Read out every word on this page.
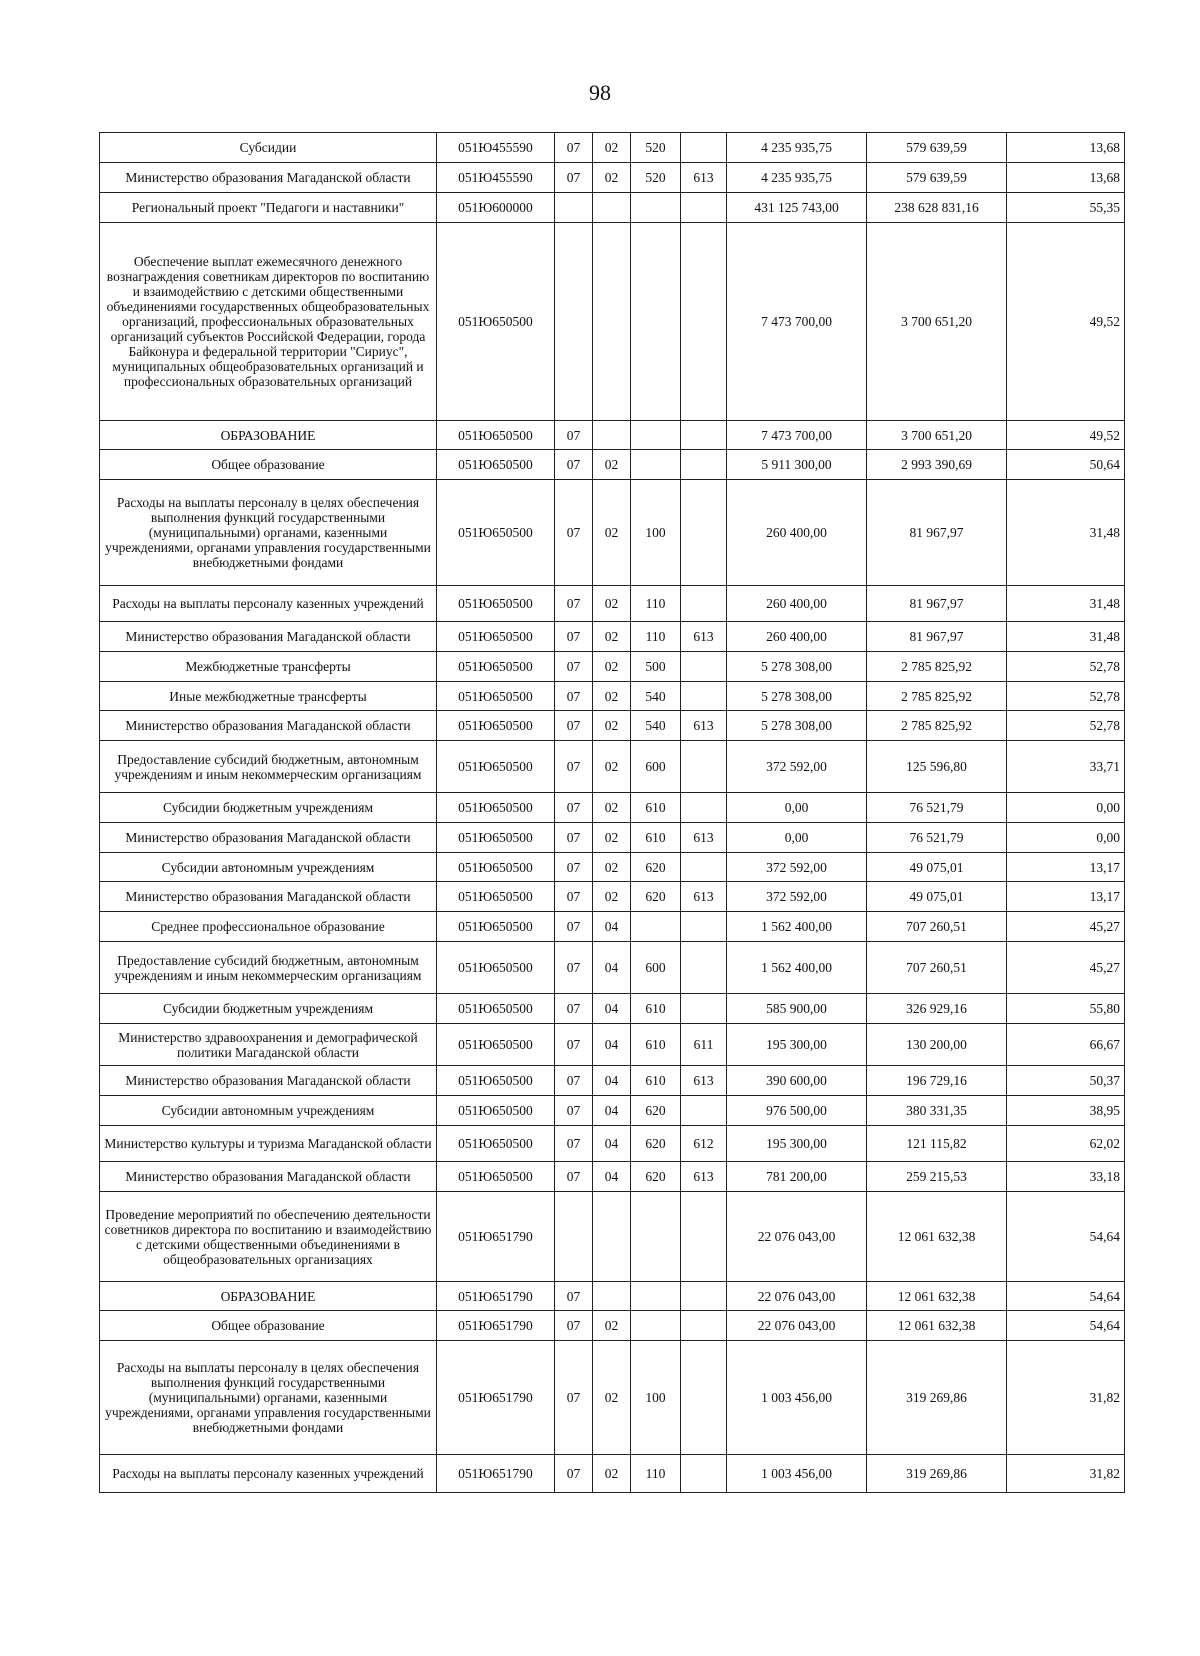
98
Субсидии	051Ю455590	07	02	520		4 235 935,75	579 639,59	13,68
Министерство образования Магаданской области	051Ю455590	07	02	520	613	4 235 935,75	579 639,59	13,68
Региональный проект "Педагоги и наставники"	051Ю600000					431 125 743,00	238 628 831,16	55,35
Обеспечение выплат ежемесячного денежного вознаграждения советникам директоров по воспитанию и взаимодействию с детскими общественными объединениями государственных общеобразовательных организаций, профессиональных образовательных организаций субъектов Российской Федерации, города Байконура и федеральной территории "Сириус", муниципальных общеобразовательных организаций и профессиональных образовательных организаций	051Ю650500					7 473 700,00	3 700 651,20	49,52
ОБРАЗОВАНИЕ	051Ю650500	07				7 473 700,00	3 700 651,20	49,52
Общее образование	051Ю650500	07	02			5 911 300,00	2 993 390,69	50,64
Расходы на выплаты персоналу в целях обеспечения выполнения функций государственными (муниципальными) органами, казенными учреждениями, органами управления государственными внебюджетными фондами	051Ю650500	07	02	100		260 400,00	81 967,97	31,48
Расходы на выплаты персоналу казенных учреждений	051Ю650500	07	02	110		260 400,00	81 967,97	31,48
Министерство образования Магаданской области	051Ю650500	07	02	110	613	260 400,00	81 967,97	31,48
Межбюджетные трансферты	051Ю650500	07	02	500		5 278 308,00	2 785 825,92	52,78
Иные межбюджетные трансферты	051Ю650500	07	02	540		5 278 308,00	2 785 825,92	52,78
Министерство образования Магаданской области	051Ю650500	07	02	540	613	5 278 308,00	2 785 825,92	52,78
Предоставление субсидий бюджетным, автономным учреждениям и иным некоммерческим организациям	051Ю650500	07	02	600		372 592,00	125 596,80	33,71
Субсидии бюджетным учреждениям	051Ю650500	07	02	610		0,00	76 521,79	0,00
Министерство образования Магаданской области	051Ю650500	07	02	610	613	0,00	76 521,79	0,00
Субсидии автономным учреждениям	051Ю650500	07	02	620		372 592,00	49 075,01	13,17
Министерство образования Магаданской области	051Ю650500	07	02	620	613	372 592,00	49 075,01	13,17
Среднее профессиональное образование	051Ю650500	07	04			1 562 400,00	707 260,51	45,27
Предоставление субсидий бюджетным, автономным учреждениям и иным некоммерческим организациям	051Ю650500	07	04	600		1 562 400,00	707 260,51	45,27
Субсидии бюджетным учреждениям	051Ю650500	07	04	610		585 900,00	326 929,16	55,80
Министерство здравоохранения и демографической политики Магаданской области	051Ю650500	07	04	610	611	195 300,00	130 200,00	66,67
Министерство образования Магаданской области	051Ю650500	07	04	610	613	390 600,00	196 729,16	50,37
Субсидии автономным учреждениям	051Ю650500	07	04	620		976 500,00	380 331,35	38,95
Министерство культуры и туризма Магаданской области	051Ю650500	07	04	620	612	195 300,00	121 115,82	62,02
Министерство образования Магаданской области	051Ю650500	07	04	620	613	781 200,00	259 215,53	33,18
Проведение мероприятий по обеспечению деятельности советников директора по воспитанию и взаимодействию с детскими общественными объединениями в общеобразовательных организациях	051Ю651790					22 076 043,00	12 061 632,38	54,64
ОБРАЗОВАНИЕ	051Ю651790	07				22 076 043,00	12 061 632,38	54,64
Общее образование	051Ю651790	07	02			22 076 043,00	12 061 632,38	54,64
Расходы на выплаты персоналу в целях обеспечения выполнения функций государственными (муниципальными) органами, казенными учреждениями, органами управления государственными внебюджетными фондами	051Ю651790	07	02	100		1 003 456,00	319 269,86	31,82
Расходы на выплаты персоналу казенных учреждений	051Ю651790	07	02	110		1 003 456,00	319 269,86	31,82
